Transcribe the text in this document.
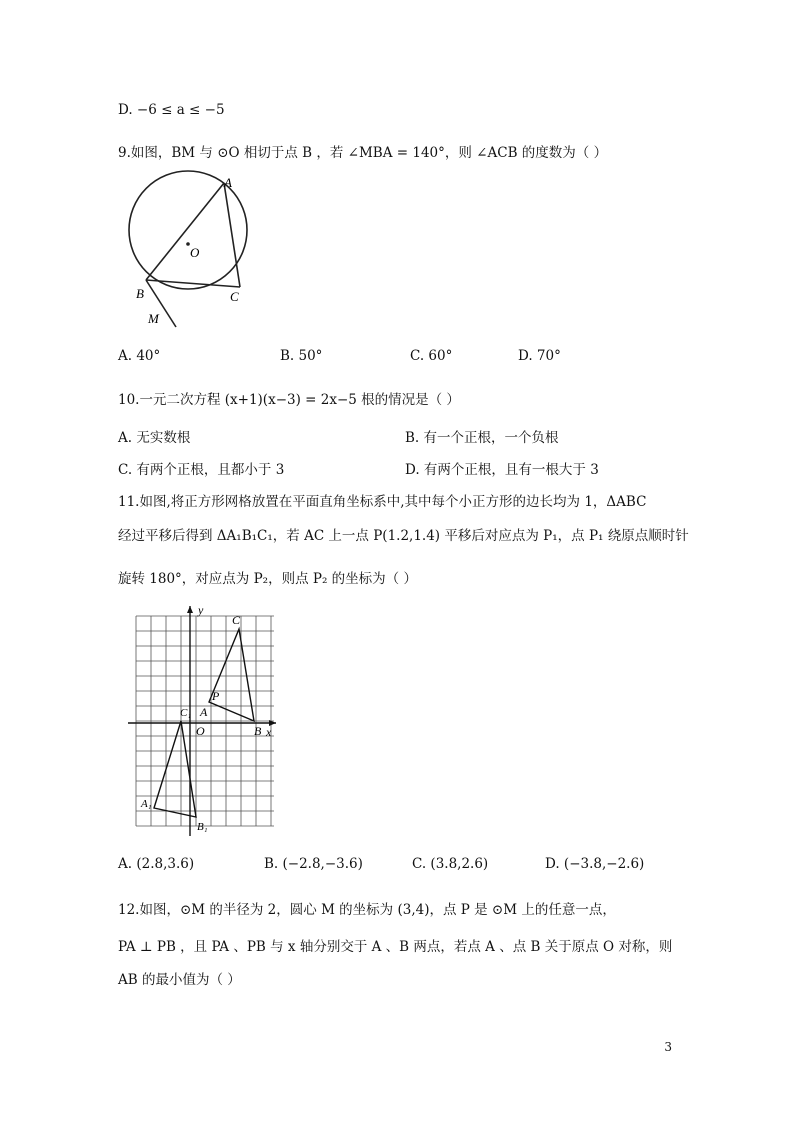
D. −6 ≤ a ≤ −5
9.如图，BM 与 ⊙O 相切于点 B ，若 ∠MBA = 140°，则 ∠ACB 的度数为（ ）
A
O
B	C
M
A. 40°	B. 50°	C. 60°	D. 70°
10.一元二次方程 (x+1)(x−3) = 2x−5 根的情况是（ ）
A. 无实数根	B. 有一个正根，一个负根
C. 有两个正根，且都小于 3	D. 有两个正根，且有一根大于 3
11.如图,将正方形网格放置在平面直角坐标系中,其中每个小正方形的边长均为 1，ΔABC
经过平移后得到 ΔA₁B₁C₁，若 AC 上一点 P(1.2,1.4) 平移后对应点为 P₁，点 P₁ 绕原点顺时针
旋转 180°，对应点为 P₂，则点 P₂ 的坐标为（ ）
y
x
O
A
B
C
P
C₁
A₁
B₁
A. (2.8,3.6)	B. (−2.8,−3.6)	C. (3.8,2.6)	D. (−3.8,−2.6)
12.如图，⊙M 的半径为 2，圆心 M 的坐标为 (3,4)，点 P 是 ⊙M 上的任意一点，
PA ⊥ PB ，且 PA 、PB 与 x 轴分别交于 A 、B 两点，若点 A 、点 B 关于原点 O 对称，则
AB 的最小值为（ ）
3
